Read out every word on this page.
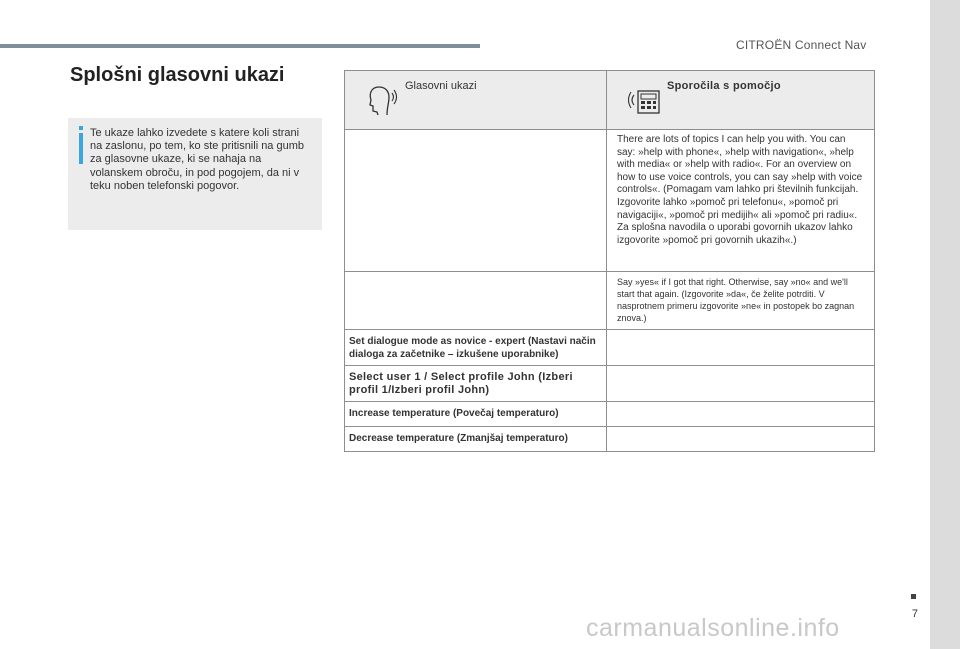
CITROËN Connect Nav
Splošni glasovni ukazi
Te ukaze lahko izvedete s katere koli strani na zaslonu, po tem, ko ste pritisnili na gumb za glasovne ukaze, ki se nahaja na volanskem obroču, in pod pogojem, da ni v teku noben telefonski pogovor.
Glasovni ukazi	Sporočila s pomočjo

	There are lots of topics I can help you with. You can say: »help with phone«, »help with navigation«, »help with media« or »help with radio«. For an overview on how to use voice controls, you can say »help with voice controls«. (Pomagam vam lahko pri številnih funkcijah. Izgovorite lahko »pomoč pri telefonu«, »pomoč pri navigaciji«, »pomoč pri medijih« ali »pomoč pri radiu«. Za splošna navodila o uporabi govornih ukazov lahko izgovorite »pomoč pri govornih ukazih«.)

	Say »yes« if I got that right. Otherwise, say »no« and we'll start that again. (Izgovorite »da«, če želite potrditi. V nasprotnem primeru izgovorite »ne« in postopek bo zagnan znova.)

Set dialogue mode as novice - expert (Nastavi način dialoga za začetnike – izkušene uporabnike)	

Select user 1 / Select profile John (Izberi profil 1/Izberi profil John)	

Increase temperature (Povečaj temperaturo)	

Decrease temperature (Zmanjšaj temperaturo)	

7
carmanualsonline.info
